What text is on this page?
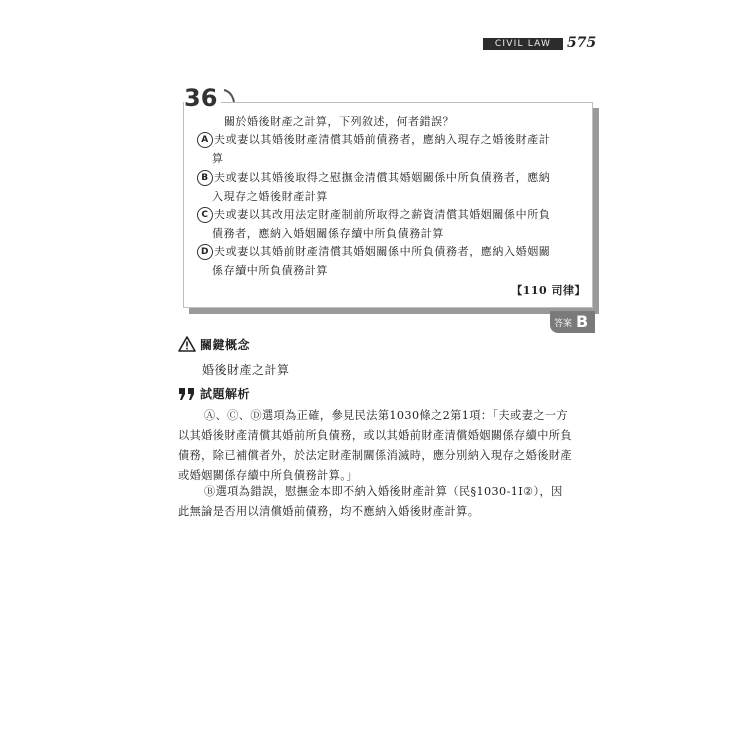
CIVIL LAW	575
36
關於婚後財產之計算，下列敘述，何者錯誤？
A 夫或妻以其婚後財產清償其婚前債務者，應納入現存之婚後財產計
算
B 夫或妻以其婚後取得之慰撫金清償其婚姻關係中所負債務者，應納
入現存之婚後財產計算
C 夫或妻以其改用法定財產制前所取得之薪資清償其婚姻關係中所負
債務者，應納入婚姻關係存續中所負債務計算
D 夫或妻以其婚前財產清償其婚姻關係中所負債務者，應納入婚姻關
係存續中所負債務計算
【110 司律】
答案 B
關鍵概念
婚後財產之計算
試題解析
Ⓐ、Ⓒ、Ⓓ選項為正確，參見民法第1030條之2第1項：「夫或妻之一方
以其婚後財產清償其婚前所負債務，或以其婚前財產清償婚姻關係存續中所負
債務，除已補償者外，於法定財產制關係消滅時，應分別納入現存之婚後財產
或婚姻關係存續中所負債務計算。」
Ⓑ選項為錯誤，慰撫金本即不納入婚後財產計算（民§1030-1Ⅰ②），因
此無論是否用以清償婚前債務，均不應納入婚後財產計算。
